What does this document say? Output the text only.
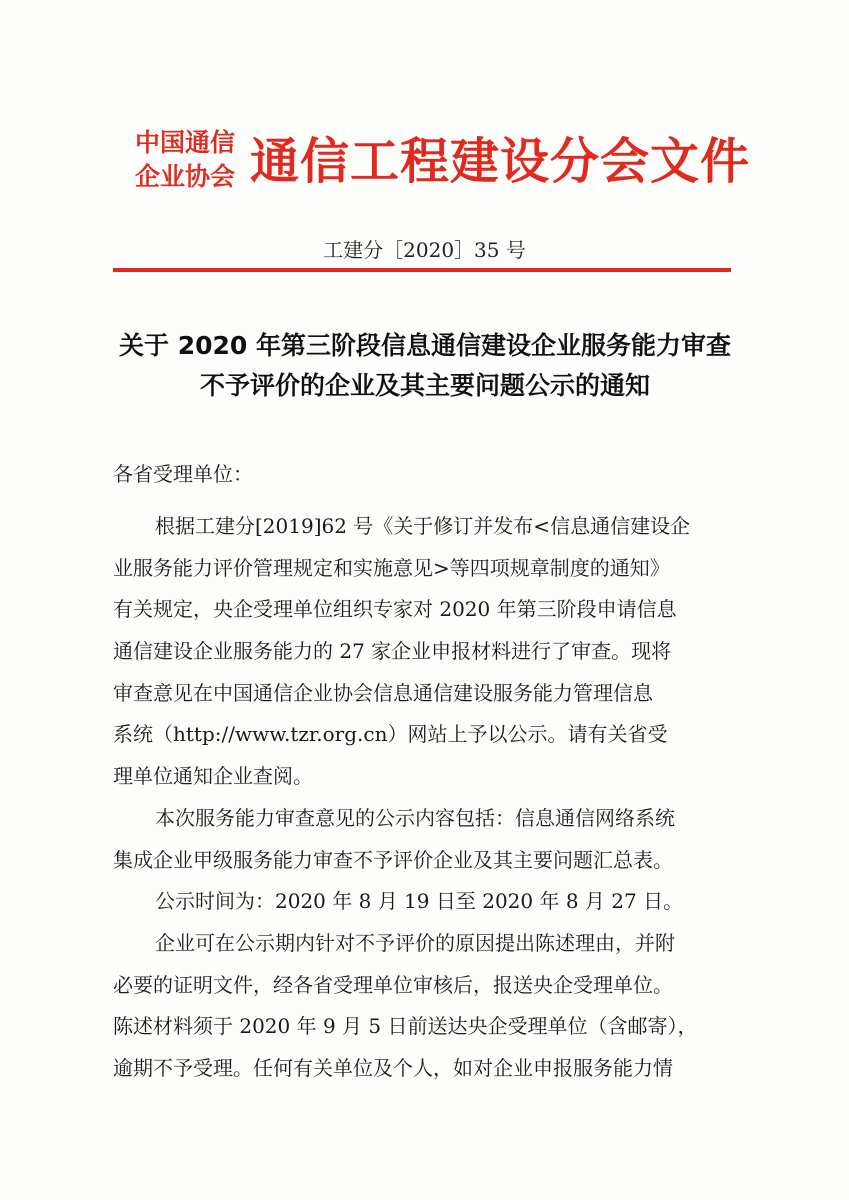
中国通信
企业协会 通信工程建设分会文件
工建分［2020］35 号
关于 2020 年第三阶段信息通信建设企业服务能力审查
不予评价的企业及其主要问题公示的通知
各省受理单位：
根据工建分[2019]62 号《关于修订并发布<信息通信建设企
业服务能力评价管理规定和实施意见>等四项规章制度的通知》
有关规定，央企受理单位组织专家对 2020 年第三阶段申请信息
通信建设企业服务能力的 27 家企业申报材料进行了审查。现将
审查意见在中国通信企业协会信息通信建设服务能力管理信息
系统（http://www.tzr.org.cn）网站上予以公示。请有关省受
理单位通知企业查阅。
本次服务能力审查意见的公示内容包括：信息通信网络系统
集成企业甲级服务能力审查不予评价企业及其主要问题汇总表。
公示时间为：2020 年 8 月 19 日至 2020 年 8 月 27 日。
企业可在公示期内针对不予评价的原因提出陈述理由，并附
必要的证明文件，经各省受理单位审核后，报送央企受理单位。
陈述材料须于 2020 年 9 月 5 日前送达央企受理单位（含邮寄），
逾期不予受理。任何有关单位及个人，如对企业申报服务能力情
